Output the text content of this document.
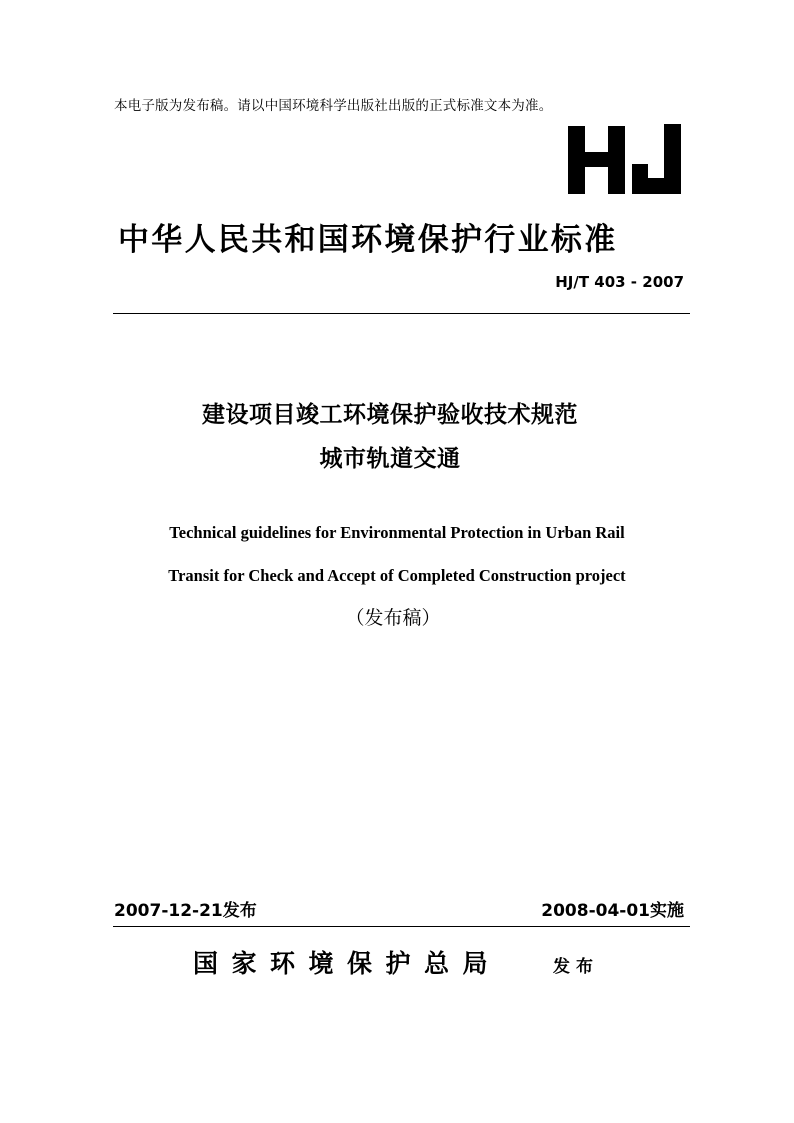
本电子版为发布稿。请以中国环境科学出版社出版的正式标准文本为准。
中华人民共和国环境保护行业标准
HJ/T 403 - 2007
建设项目竣工环境保护验收技术规范
城市轨道交通
Technical guidelines for Environmental Protection in Urban Rail
Transit for Check and Accept of Completed Construction project
（发布稿）
2007-12-21发布	2008-04-01实施
国家环境保护总局	发布
